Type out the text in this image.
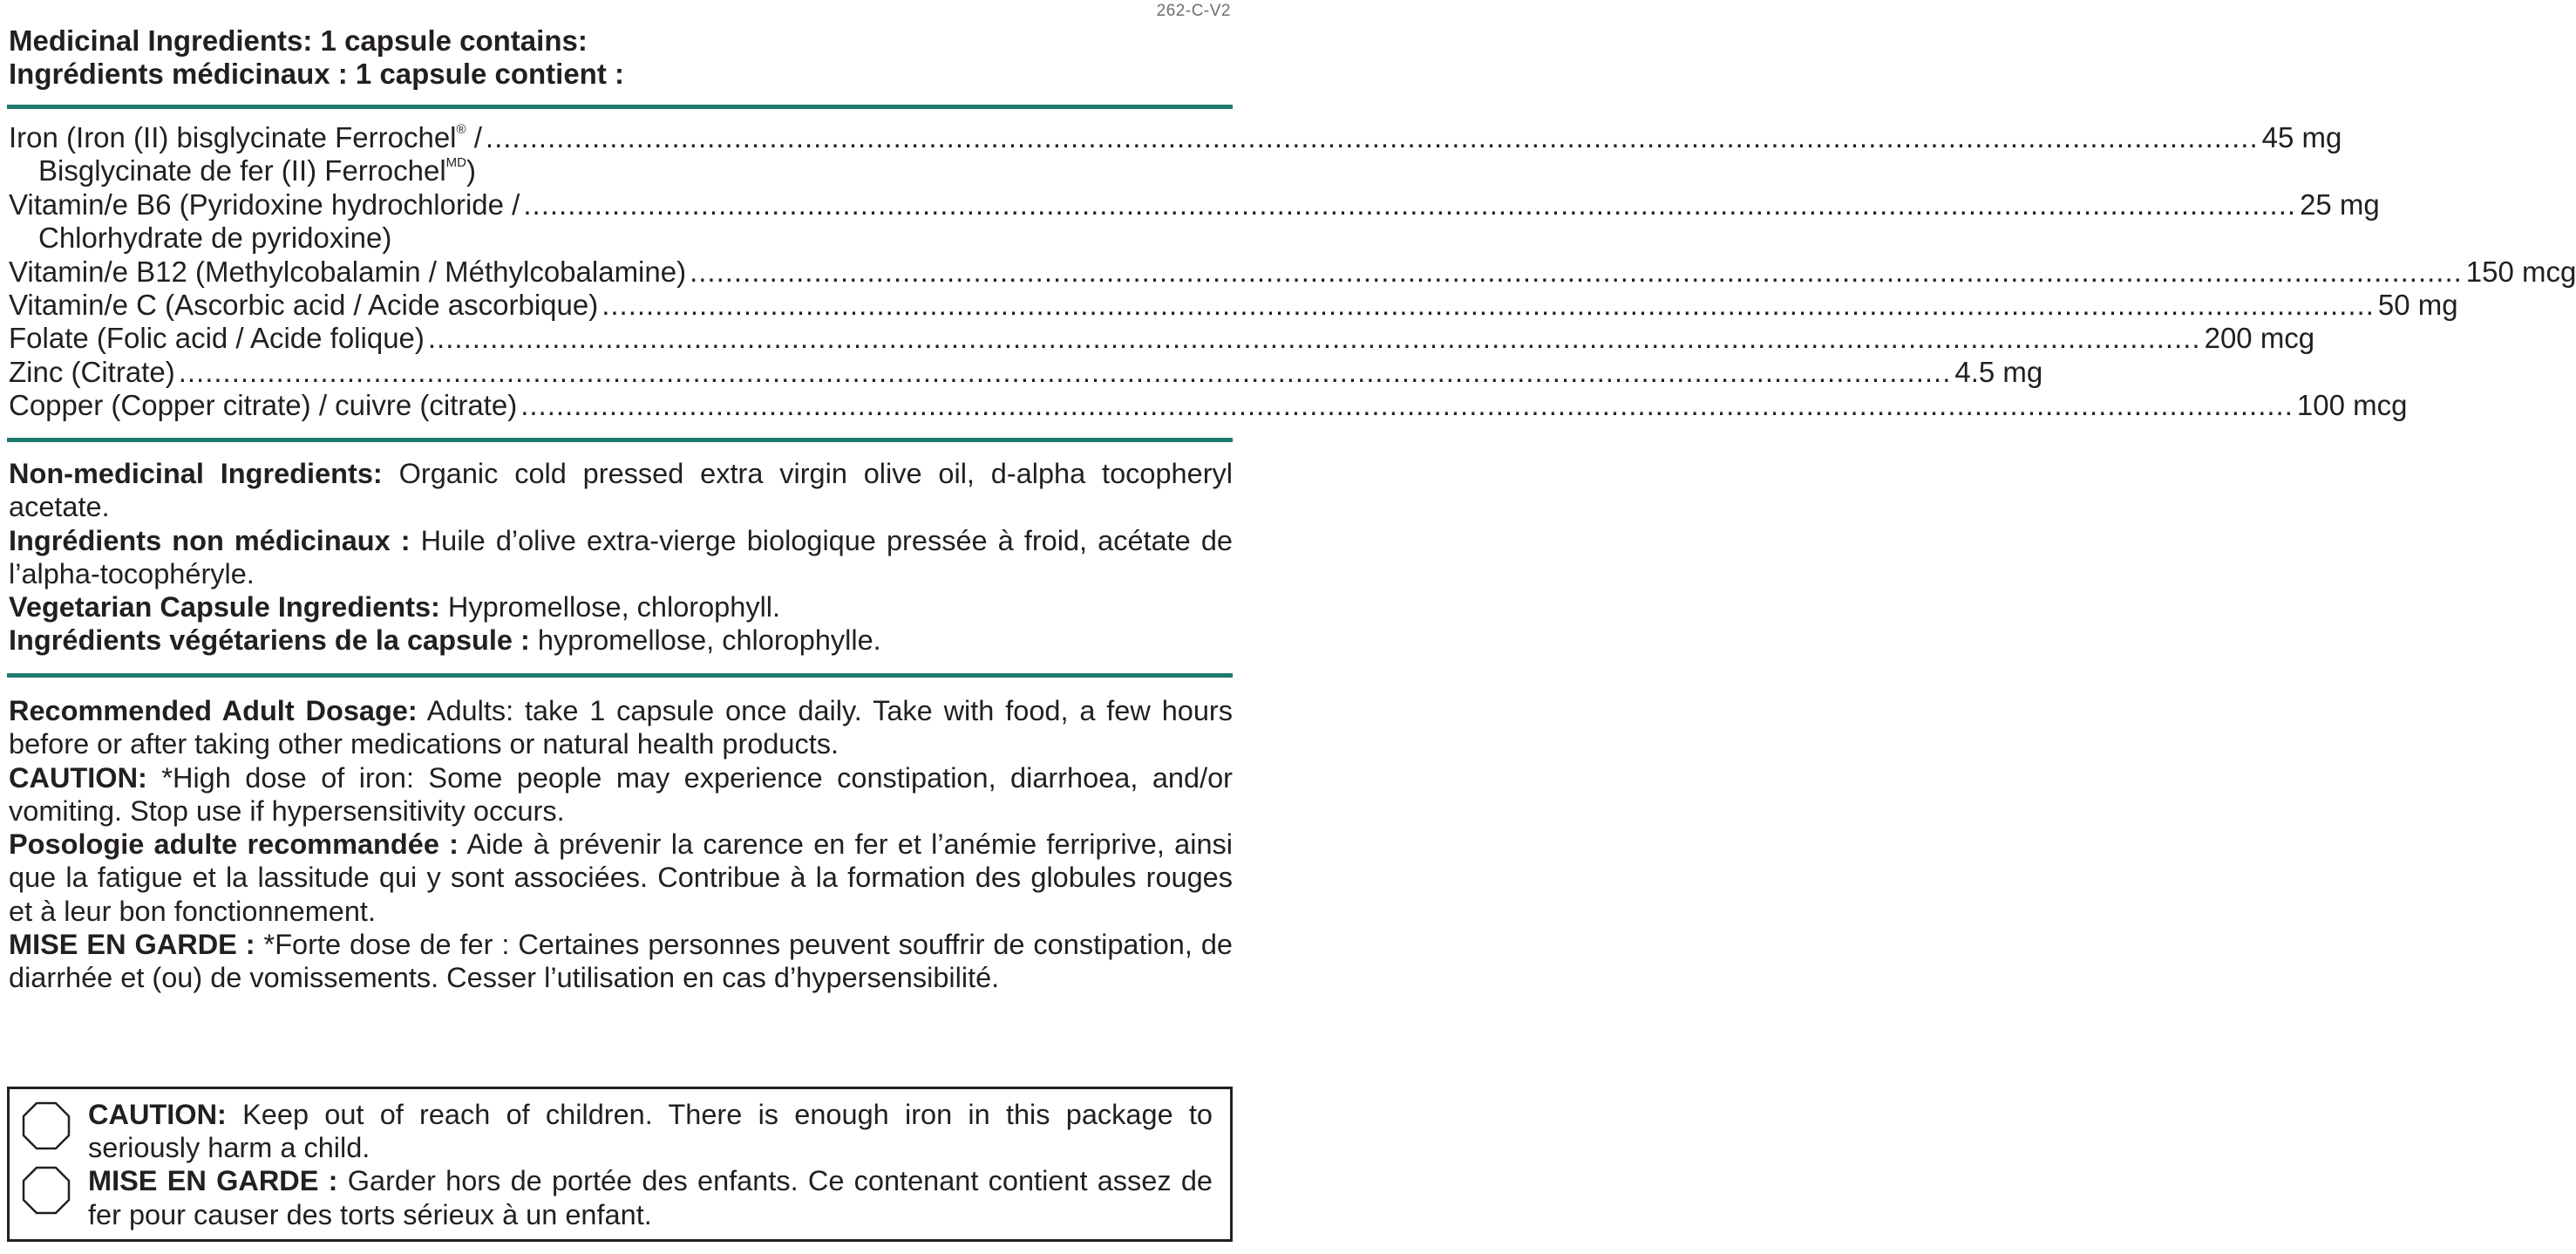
262-C-V2
Medicinal Ingredients: 1 capsule contains:
Ingrédients médicinaux : 1 capsule contient :
Iron (Iron (II) bisglycinate Ferrochel® / ........................................................................................................................................................................................................ 45 mg
Bisglycinate de fer (II) Ferrochel$^{MD}$)
Vitamin/e B6 (Pyridoxine hydrochloride / ........................................................................................................................................................................................................ 25 mg
Chlorhydrate de pyridoxine)
Vitamin/e B12 (Methylcobalamin / Méthylcobalamine) ........................................................................................................................................................................................................ 150 mcg
Vitamin/e C (Ascorbic acid / Acide ascorbique) ........................................................................................................................................................................................................ 50 mg
Folate (Folic acid / Acide folique) ........................................................................................................................................................................................................ 200 mcg
Zinc (Citrate) ........................................................................................................................................................................................................ 4.5 mg
Copper (Copper citrate) / cuivre (citrate) ........................................................................................................................................................................................................ 100 mcg

Non-medicinal Ingredients: Organic cold pressed extra virgin olive oil, d-alpha tocopheryl acetate.

Ingrédients non médicinaux : Huile d’olive extra-vierge biologique pressée à froid, acétate de l’alpha-tocophéryle.

Vegetarian Capsule Ingredients: Hypromellose, chlorophyll.

Ingrédients végétariens de la capsule : hypromellose, chlorophylle.

Recommended Adult Dosage: Adults: take 1 capsule once daily. Take with food, a few hours before or after taking other medications or natural health products.

CAUTION: *High dose of iron: Some people may experience constipation, diarrhoea, and/or vomiting. Stop use if hypersensitivity occurs.

Posologie adulte recommandée : Aide à prévenir la carence en fer et l’anémie ferriprive, ainsi que la fatigue et la lassitude qui y sont associées. Contribue à la formation des globules rouges et à leur bon fonctionnement.

MISE EN GARDE : *Forte dose de fer : Certaines personnes peuvent souffrir de constipation, de diarrhée et (ou) de vomissements. Cesser l’utilisation en cas d’hypersensibilité.

CAUTION: Keep out of reach of children. There is enough iron in this package to seriously harm a child.

MISE EN GARDE : Garder hors de portée des enfants. Ce contenant contient assez de fer pour causer des torts sérieux à un enfant.
